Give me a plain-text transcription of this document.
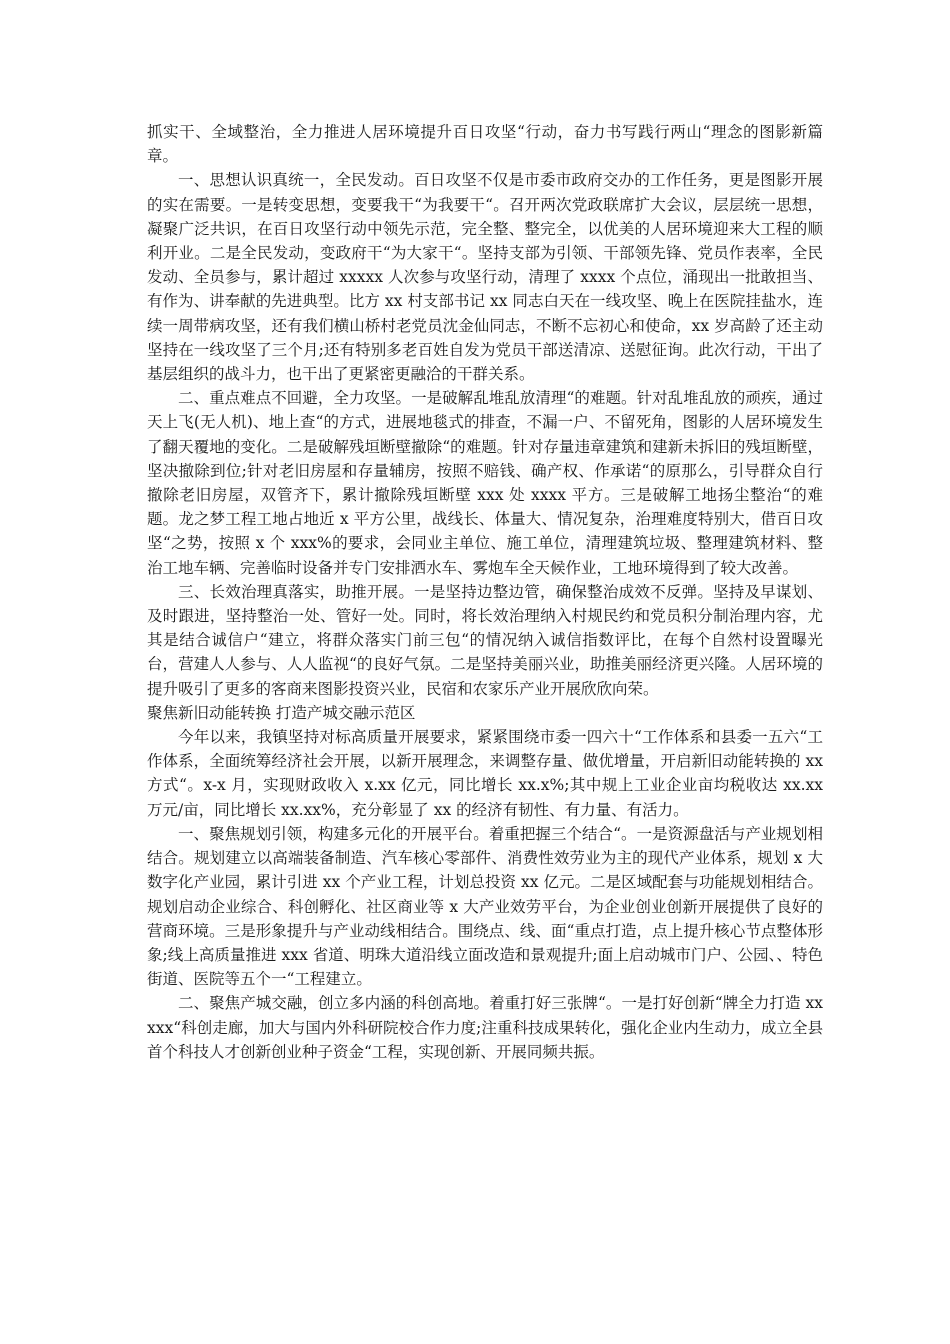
抓实干、全域整治，全力推进人居环境提升百日攻坚“行动，奋力书写践行两山“理念的图影新篇章。

一、思想认识真统一，全民发动。百日攻坚不仅是市委市政府交办的工作任务，更是图影开展的实在需要。一是转变思想，变要我干“为我要干“。召开两次党政联席扩大会议，层层统一思想，凝聚广泛共识，在百日攻坚行动中领先示范，完全整、整完全，以优美的人居环境迎来大工程的顺利开业。二是全民发动，变政府干“为大家干“。坚持支部为引领、干部领先锋、党员作表率，全民发动、全员参与，累计超过 xxxxx 人次参与攻坚行动，清理了 xxxx 个点位，涌现出一批敢担当、有作为、讲奉献的先进典型。比方 xx 村支部书记 xx 同志白天在一线攻坚、晚上在医院挂盐水，连续一周带病攻坚，还有我们横山桥村老党员沈金仙同志，不断不忘初心和使命，xx 岁高龄了还主动坚持在一线攻坚了三个月;还有特别多老百姓自发为党员干部送清凉、送慰征询。此次行动，干出了基层组织的战斗力，也干出了更紧密更融洽的干群关系。

二、重点难点不回避，全力攻坚。一是破解乱堆乱放清理“的难题。针对乱堆乱放的顽疾，通过天上飞(无人机)、地上查“的方式，进展地毯式的排查，不漏一户、不留死角，图影的人居环境发生了翻天覆地的变化。二是破解残垣断壁撤除“的难题。针对存量违章建筑和建新未拆旧的残垣断壁，坚决撤除到位;针对老旧房屋和存量辅房，按照不赔钱、确产权、作承诺“的原那么，引导群众自行撤除老旧房屋，双管齐下，累计撤除残垣断壁 xxx 处 xxxx 平方。三是破解工地扬尘整治“的难题。龙之梦工程工地占地近 x 平方公里，战线长、体量大、情况复杂，治理难度特别大，借百日攻坚“之势，按照 x 个 xxx%的要求，会同业主单位、施工单位，清理建筑垃圾、整理建筑材料、整治工地车辆、完善临时设备并专门安排洒水车、雾炮车全天候作业，工地环境得到了较大改善。

三、长效治理真落实，助推开展。一是坚持边整边管，确保整治成效不反弹。坚持及早谋划、及时跟进，坚持整治一处、管好一处。同时，将长效治理纳入村规民约和党员积分制治理内容，尤其是结合诚信户“建立，将群众落实门前三包“的情况纳入诚信指数评比，在每个自然村设置曝光台，营建人人参与、人人监视“的良好气氛。二是坚持美丽兴业，助推美丽经济更兴隆。人居环境的提升吸引了更多的客商来图影投资兴业，民宿和农家乐产业开展欣欣向荣。

聚焦新旧动能转换 打造产城交融示范区

今年以来，我镇坚持对标高质量开展要求，紧紧围绕市委一四六十“工作体系和县委一五六“工作体系，全面统筹经济社会开展，以新开展理念，来调整存量、做优增量，开启新旧动能转换的 xx 方式“。x-x 月，实现财政收入 x.xx 亿元，同比增长 xx.x%;其中规上工业企业亩均税收达 xx.xx 万元/亩，同比增长 xx.xx%，充分彰显了 xx 的经济有韧性、有力量、有活力。

一、聚焦规划引领，构建多元化的开展平台。着重把握三个结合“。一是资源盘活与产业规划相结合。规划建立以高端装备制造、汽车核心零部件、消费性效劳业为主的现代产业体系，规划 x 大数字化产业园，累计引进 xx 个产业工程，计划总投资 xx 亿元。二是区域配套与功能规划相结合。规划启动企业综合、科创孵化、社区商业等 x 大产业效劳平台，为企业创业创新开展提供了良好的营商环境。三是形象提升与产业动线相结合。围绕点、线、面“重点打造，点上提升核心节点整体形象;线上高质量推进 xxx 省道、明珠大道沿线立面改造和景观提升;面上启动城市门户、公园、、特色街道、医院等五个一“工程建立。

二、聚焦产城交融，创立多内涵的科创高地。着重打好三张牌“。一是打好创新“牌全力打造 xxxxx“科创走廊，加大与国内外科研院校合作力度;注重科技成果转化，强化企业内生动力，成立全县首个科技人才创新创业种子资金“工程，实现创新、开展同频共振。
